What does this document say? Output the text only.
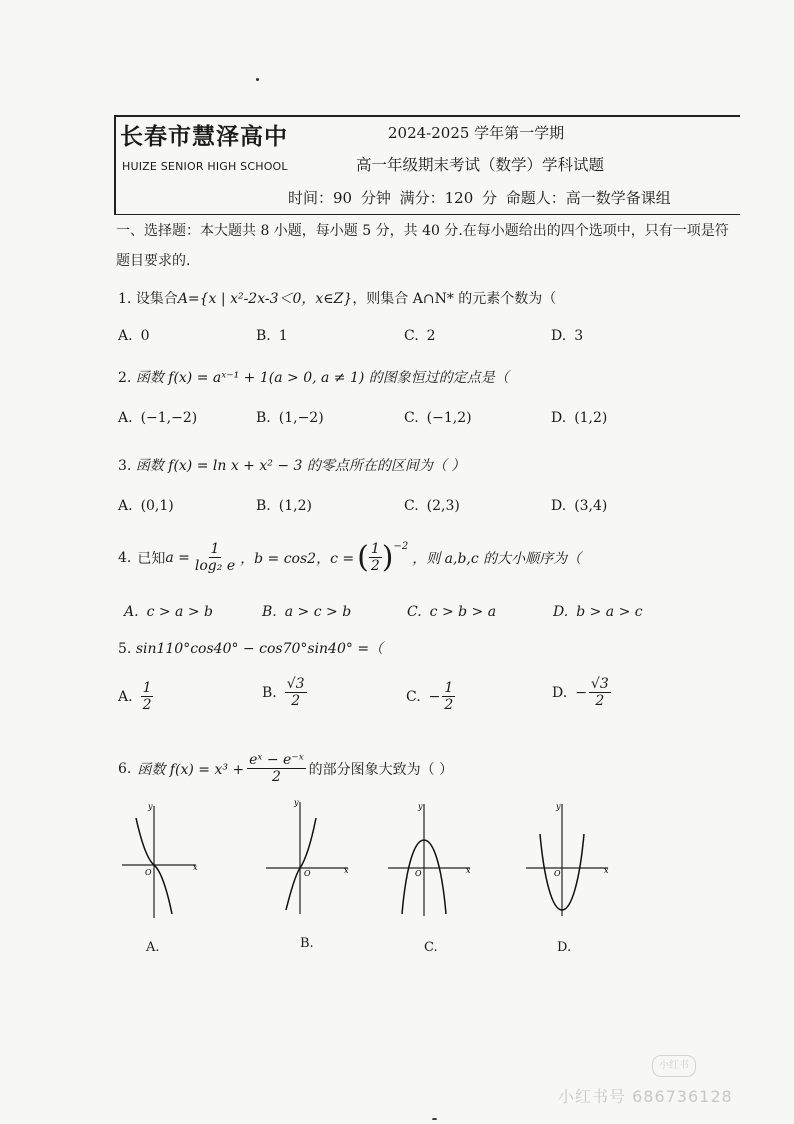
长春市慧泽高中
HUIZE SENIOR HIGH SCHOOL
2024-2025 学年第一学期
高一年级期末考试（数学）学科试题
时间：90 分钟 满分：120 分 命题人：高一数学备课组
一、选择题：本大题共 8 小题，每小题 5 分，共 40 分.在每小题给出的四个选项中，只有一项是符
题目要求的.
1. 设集合A={x | x²-2x-3＜0，x∈Z}，则集合 A∩N* 的元素个数为（
A. 0	B. 1	C. 2	D. 3
2. 函数 f(x) = aˣ⁻¹ + 1(a > 0, a ≠ 1) 的图象恒过的定点是（
A. (−1,−2)	B. (1,−2)	C. (−1,2)	D. (1,2)
3. 函数 f(x) = ln x + x² − 3 的零点所在的区间为（ ）
A. (0,1)	B. (1,2)	C. (2,3)	D. (3,4)
4. 已知 $a = \frac{1}{\text{log₂ e}}$ ，b = cos2，c = ( $\frac{1}{2}$ ) −2
，则 a,b,c 的大小顺序为（
A. c > a > b	B. a > c > b	C. c > b > a	D. b > a > c
5. sin110°cos40° − cos70°sin40° =（
A. $\frac{1}{2}$	B. $\frac{√3}{2}$	C. − $\frac{1}{2}$	D. − $\frac{√3}{2}$
6. 函数 $f(x) = x^3 + \frac{\text{eˣ − e⁻ˣ}}{2}$ 的部分图象大致为（ ）
y
x
O
A.
y
x
O
B.
y
x
O
C.
y
x
O
D.
小红书
小红书号 686736128
